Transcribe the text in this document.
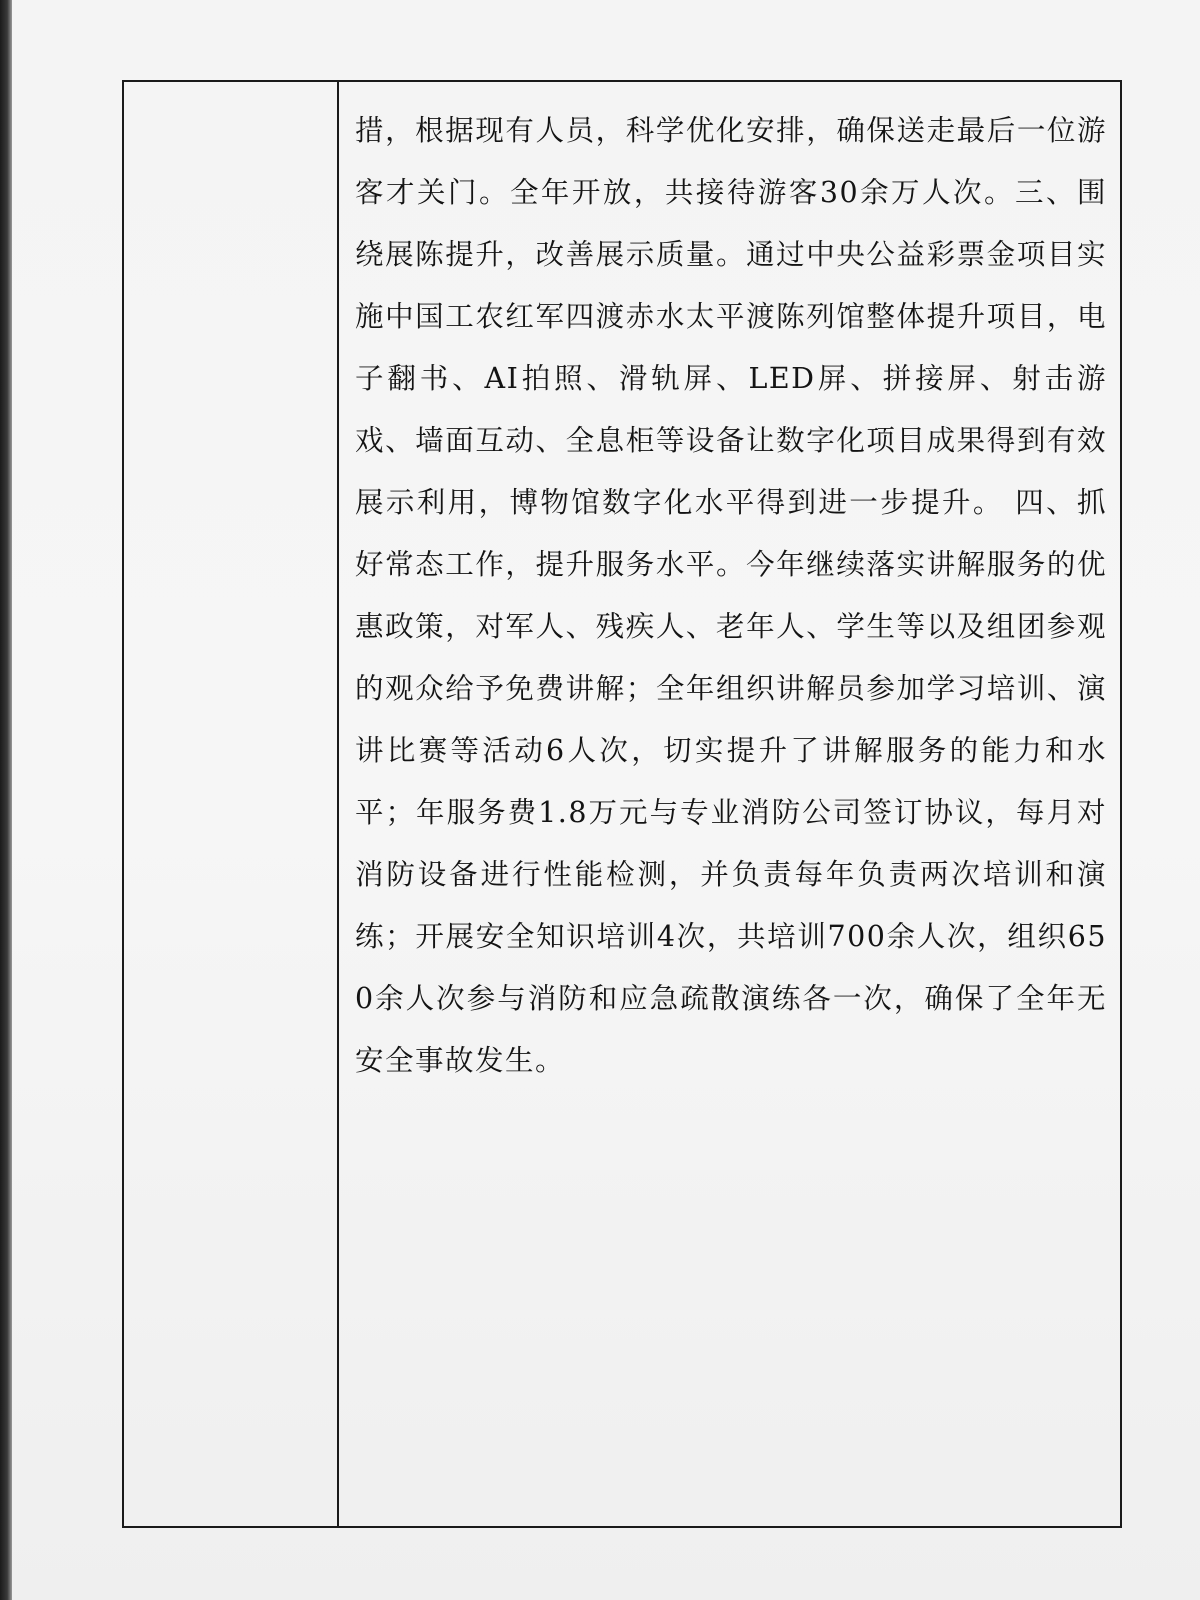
措，根据现有人员，科学优化安排，确保送走最后一位游客才关门。全年开放，共接待游客30余万人次。三、围绕展陈提升，改善展示质量。通过中央公益彩票金项目实施中国工农红军四渡赤水太平渡陈列馆整体提升项目，电子翻书、AI拍照、滑轨屏、LED屏、拼接屏、射击游戏、墙面互动、全息柜等设备让数字化项目成果得到有效展示利用，博物馆数字化水平得到进一步提升。 四、抓好常态工作，提升服务水平。今年继续落实讲解服务的优惠政策，对军人、残疾人、老年人、学生等以及组团参观的观众给予免费讲解；全年组织讲解员参加学习培训、演讲比赛等活动6人次，切实提升了讲解服务的能力和水平；年服务费1.8万元与专业消防公司签订协议，每月对消防设备进行性能检测，并负责每年负责两次培训和演练；开展安全知识培训4次，共培训700余人次，组织650余人次参与消防和应急疏散演练各一次，确保了全年无安全事故发生。
